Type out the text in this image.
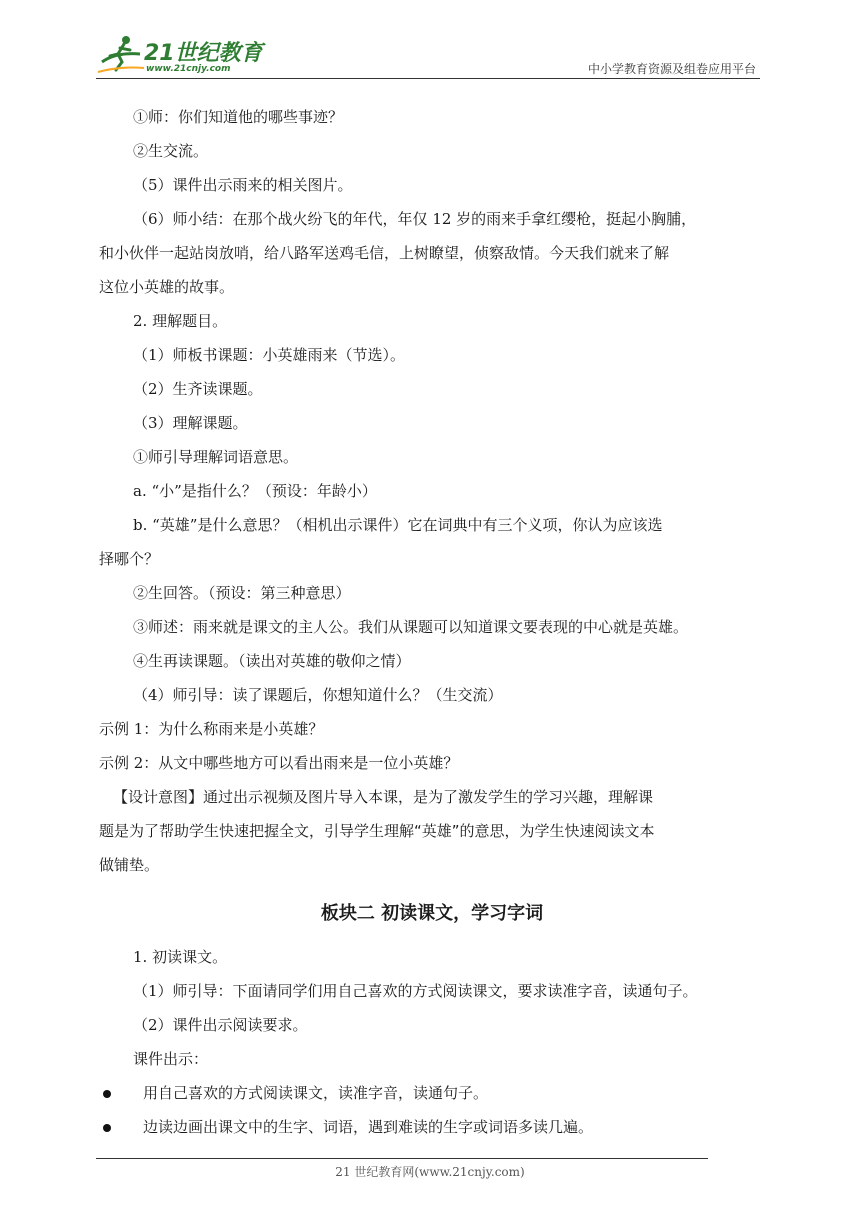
21世纪教育
www.21cnjy.com	中小学教育资源及组卷应用平台

①师：你们知道他的哪些事迹？

②生交流。

（5）课件出示雨来的相关图片。

（6）师小结：在那个战火纷飞的年代，年仅 12 岁的雨来手拿红缨枪，挺起小胸脯，

和小伙伴一起站岗放哨，给八路军送鸡毛信，上树瞭望，侦察敌情。今天我们就来了解

这位小英雄的故事。

2. 理解题目。

（1）师板书课题：小英雄雨来（节选）。

（2）生齐读课题。

（3）理解课题。

①师引导理解词语意思。

a. “小”是指什么？（预设：年龄小）

b. “英雄”是什么意思？（相机出示课件）它在词典中有三个义项，你认为应该选

择哪个？

②生回答。（预设：第三种意思）

③师述：雨来就是课文的主人公。我们从课题可以知道课文要表现的中心就是英雄。

④生再读课题。（读出对英雄的敬仰之情）

（4）师引导：读了课题后，你想知道什么？（生交流）

示例 1：为什么称雨来是小英雄？

示例 2：从文中哪些地方可以看出雨来是一位小英雄？

【设计意图】通过出示视频及图片导入本课，是为了激发学生的学习兴趣，理解课

题是为了帮助学生快速把握全文，引导学生理解“英雄”的意思，为学生快速阅读文本

做铺垫。

板块二 初读课文，学习字词

1. 初读课文。

（1）师引导：下面请同学们用自己喜欢的方式阅读课文，要求读准字音，读通句子。

（2）课件出示阅读要求。

课件出示：

用自己喜欢的方式阅读课文，读准字音，读通句子。
边读边画出课文中的生字、词语，遇到难读的生字或词语多读几遍。
21 世纪教育网(www.21cnjy.com)
